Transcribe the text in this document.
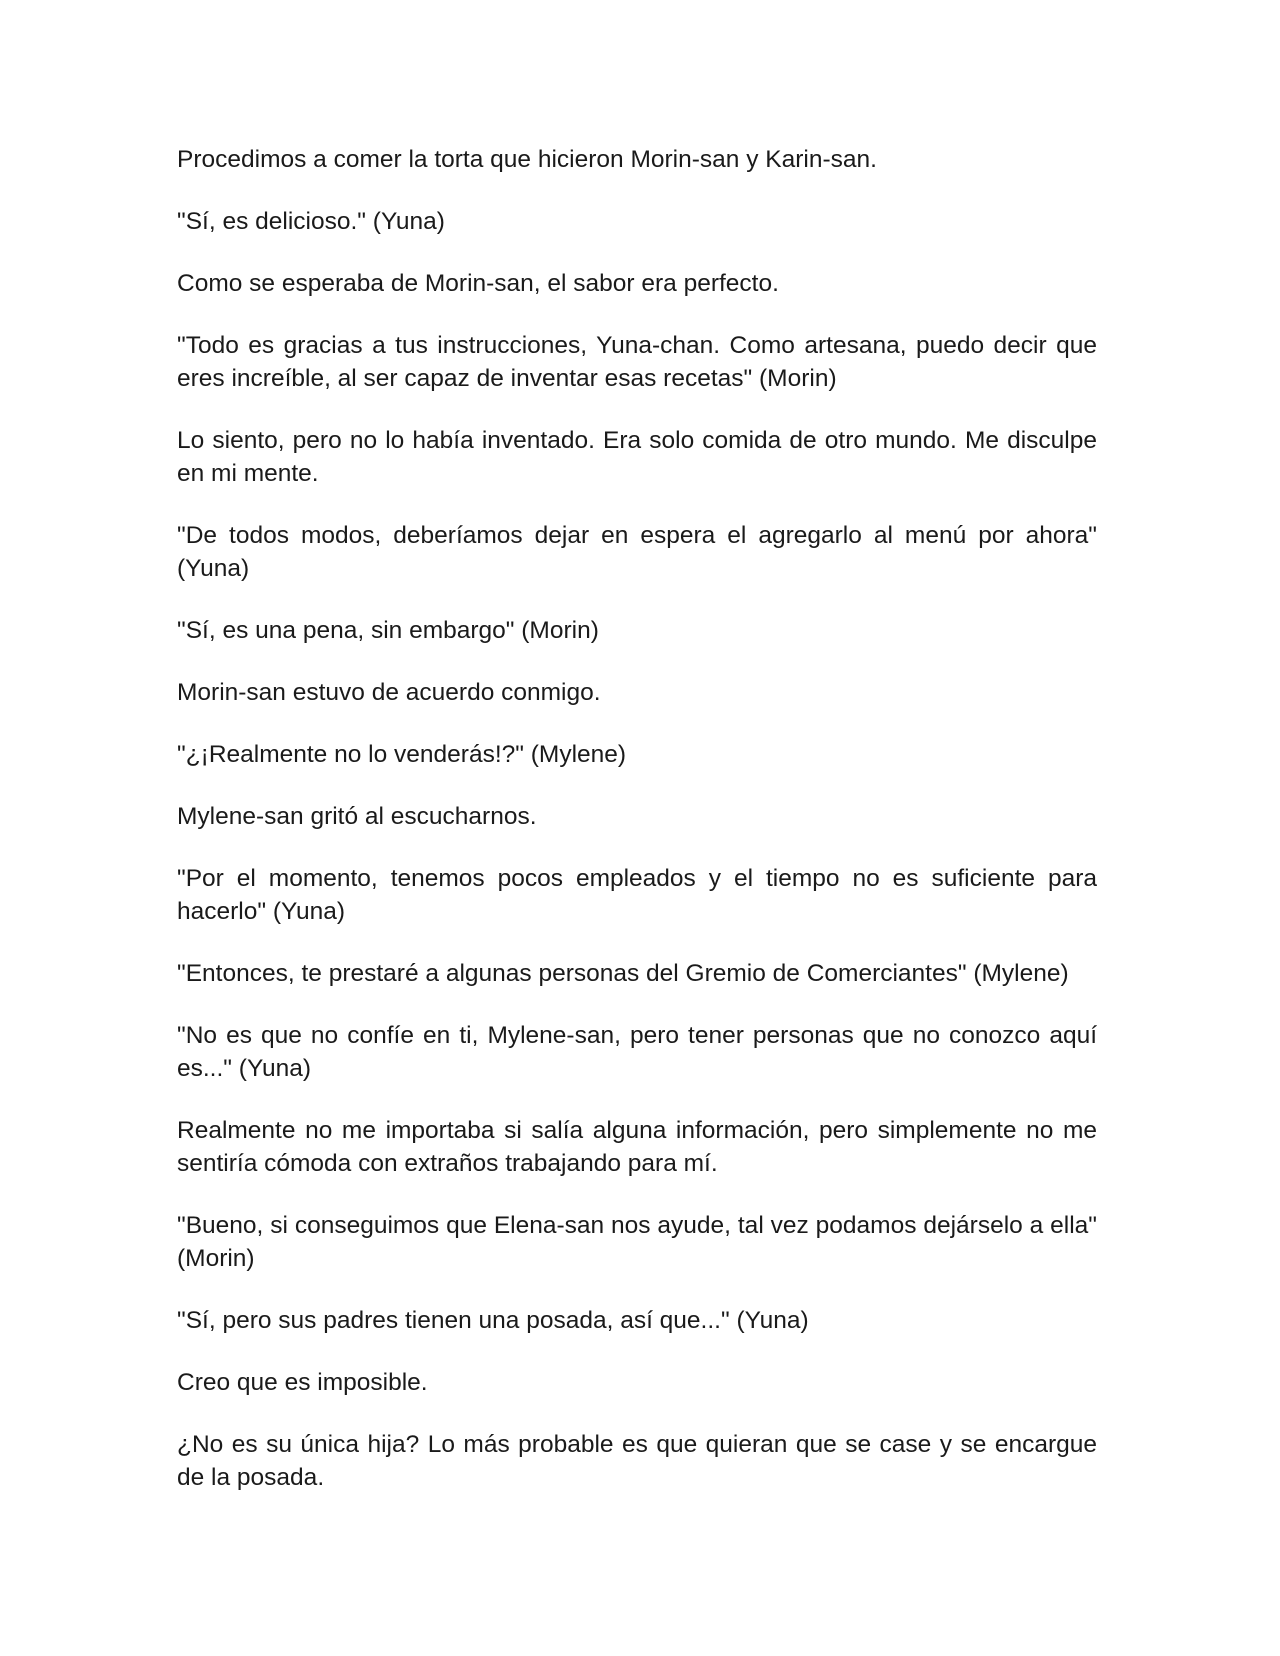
Procedimos a comer la torta que hicieron Morin-san y Karin-san.

"Sí, es delicioso." (Yuna)

Como se esperaba de Morin-san, el sabor era perfecto.

"Todo es gracias a tus instrucciones, Yuna-chan. Como artesana, puedo decir que eres increíble, al ser capaz de inventar esas recetas" (Morin)

Lo siento, pero no lo había inventado. Era solo comida de otro mundo. Me disculpe en mi mente.

"De todos modos, deberíamos dejar en espera el agregarlo al menú por ahora" (Yuna)

"Sí, es una pena, sin embargo" (Morin)

Morin-san estuvo de acuerdo conmigo.

"¿¡Realmente no lo venderás!?" (Mylene)

Mylene-san gritó al escucharnos.

"Por el momento, tenemos pocos empleados y el tiempo no es suficiente para hacerlo" (Yuna)

"Entonces, te prestaré a algunas personas del Gremio de Comerciantes" (Mylene)

"No es que no confíe en ti, Mylene-san, pero tener personas que no conozco aquí es..." (Yuna)

Realmente no me importaba si salía alguna información, pero simplemente no me sentiría cómoda con extraños trabajando para mí.

"Bueno, si conseguimos que Elena-san nos ayude, tal vez podamos dejárselo a ella" (Morin)

"Sí, pero sus padres tienen una posada, así que..." (Yuna)

Creo que es imposible.

¿No es su única hija? Lo más probable es que quieran que se case y se encargue de la posada.
